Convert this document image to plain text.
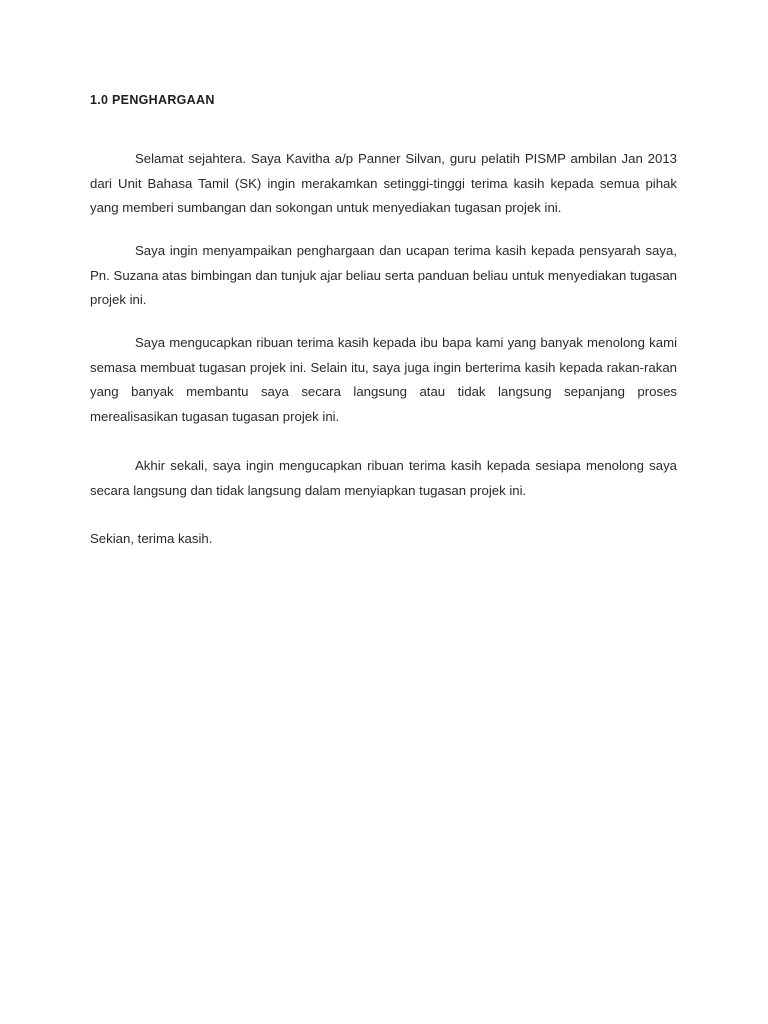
1.0 PENGHARGAAN

Selamat sejahtera. Saya Kavitha a/p Panner Silvan, guru pelatih PISMP ambilan Jan 2013 dari Unit Bahasa Tamil (SK) ingin merakamkan setinggi-tinggi terima kasih kepada semua pihak yang memberi sumbangan dan sokongan untuk menyediakan tugasan projek ini.

Saya ingin menyampaikan penghargaan dan ucapan terima kasih kepada pensyarah saya, Pn. Suzana atas bimbingan dan tunjuk ajar beliau serta panduan beliau untuk menyediakan tugasan projek ini.

Saya mengucapkan ribuan terima kasih kepada ibu bapa kami yang banyak menolong kami semasa membuat tugasan projek ini. Selain itu, saya juga ingin berterima kasih kepada rakan-rakan yang banyak membantu saya secara langsung atau tidak langsung sepanjang proses merealisasikan tugasan tugasan projek ini.

Akhir sekali, saya ingin mengucapkan ribuan terima kasih kepada sesiapa menolong saya secara langsung dan tidak langsung dalam menyiapkan tugasan projek ini.

Sekian, terima kasih.
